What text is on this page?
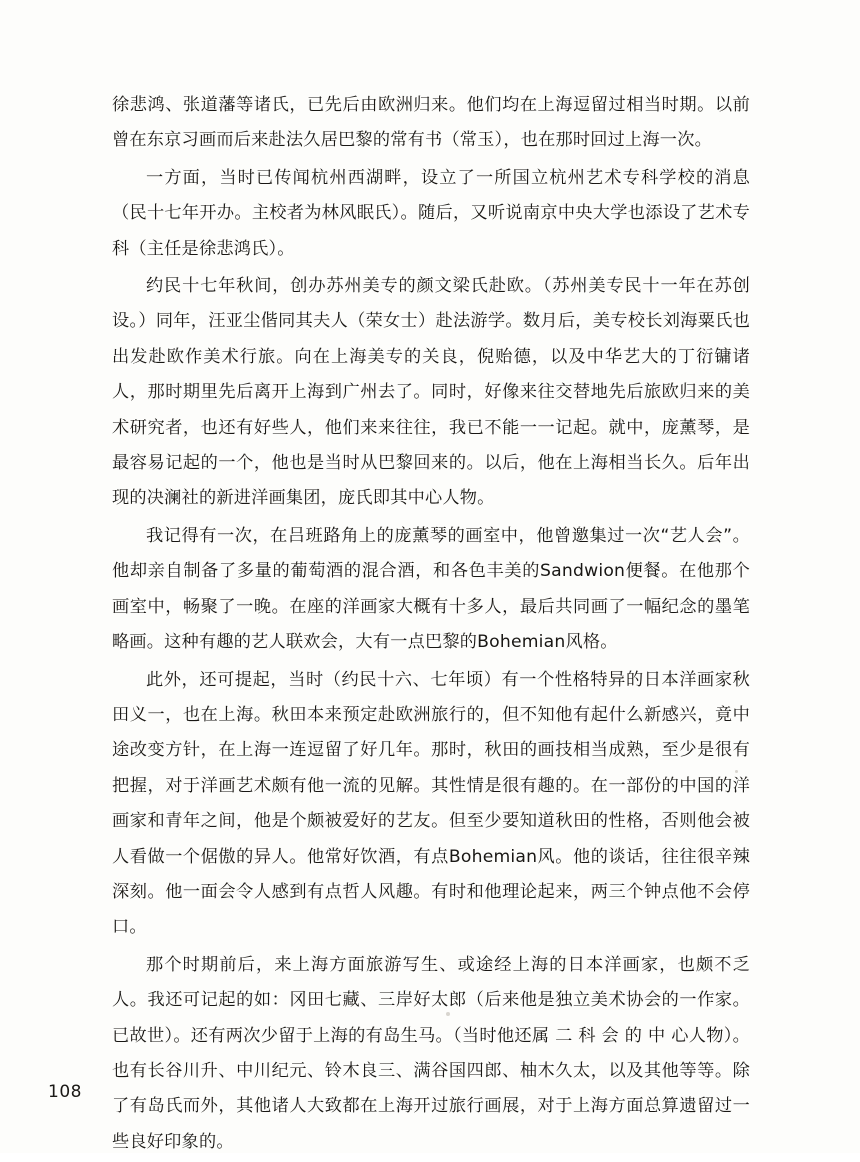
徐悲鸿、张道藩等诸氏，已先后由欧洲归来。他们均在上海逗留过相当时期。以前曾在东京习画而后来赴法久居巴黎的常有书（常玉），也在那时回过上海一次。

一方面，当时已传闻杭州西湖畔，设立了一所国立杭州艺术专科学校的消息（民十七年开办。主校者为林风眠氏）。随后，又听说南京中央大学也添设了艺术专科（主任是徐悲鸿氏）。

约民十七年秋间，创办苏州美专的颜文梁氏赴欧。（苏州美专民十一年在苏创设。）同年，汪亚尘偕同其夫人（荣女士）赴法游学。数月后，美专校长刘海粟氏也出发赴欧作美术行旅。向在上海美专的关良，倪贻德，以及中华艺大的丁衍镛诸人，那时期里先后离开上海到广州去了。同时，好像来往交替地先后旅欧归来的美术研究者，也还有好些人，他们来来往往，我已不能一一记起。就中，庞薰琴，是最容易记起的一个，他也是当时从巴黎回来的。以后，他在上海相当长久。后年出现的决澜社的新进洋画集团，庞氏即其中心人物。

我记得有一次，在吕班路角上的庞薰琴的画室中，他曾邀集过一次“艺人会”。他却亲自制备了多量的葡萄酒的混合酒，和各色丰美的Sandwion便餐。在他那个画室中，畅聚了一晚。在座的洋画家大概有十多人，最后共同画了一幅纪念的墨笔略画。这种有趣的艺人联欢会，大有一点巴黎的Bohemian风格。

此外，还可提起，当时（约民十六、七年顷）有一个性格特异的日本洋画家秋田义一，也在上海。秋田本来预定赴欧洲旅行的，但不知他有起什么新感兴，竟中途改变方针，在上海一连逗留了好几年。那时，秋田的画技相当成熟，至少是很有把握，对于洋画艺术颇有他一流的见解。其性情是很有趣的。在一部份的中国的洋画家和青年之间，他是个颇被爱好的艺友。但至少要知道秋田的性格，否则他会被人看做一个倨傲的异人。他常好饮酒，有点Bohemian风。他的谈话，往往很辛辣深刻。他一面会令人感到有点哲人风趣。有时和他理论起来，两三个钟点他不会停口。

那个时期前后，来上海方面旅游写生、或途经上海的日本洋画家，也颇不乏人。我还可记起的如：冈田七藏、三岸好太郎（后来他是独立美术协会的一作家。已故世）。还有两次少留于上海的有岛生马。（当时他还属 二 科 会 的 中 心人物）。也有长谷川升、中川纪元、铃木良三、满谷国四郎、柚木久太，以及其他等等。除了有岛氏而外，其他诸人大致都在上海开过旅行画展，对于上海方面总算遗留过一些良好印象的。

108
